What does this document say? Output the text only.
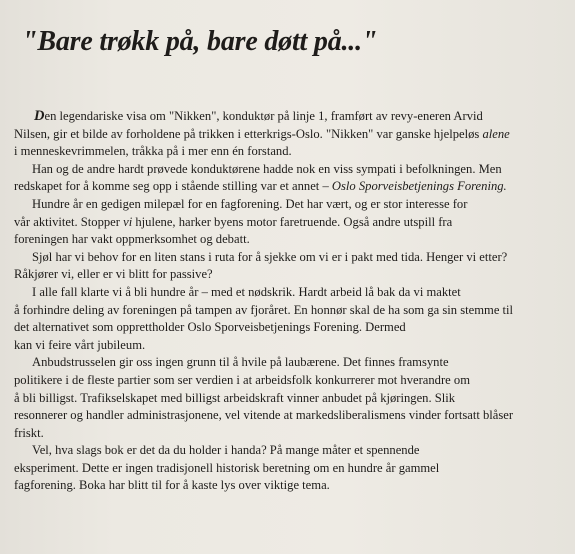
"Bare trøkk på, bare døtt på..."

Den legendariske visa om "Nikken", konduktør på linje 1, framført av revy-eneren Arvid
Nilsen, gir et bilde av forholdene på trikken i etterkrigs-Oslo. "Nikken" var ganske hjelpeløs alene
i menneskevrimmelen, tråkka på i mer enn én forstand.

Han og de andre hardt prøvede konduktørene hadde nok en viss sympati i befolkningen. Men
redskapet for å komme seg opp i stående stilling var et annet – Oslo Sporveisbetjenings Forening.

Hundre år en gedigen milepæl for en fagforening. Det har vært, og er stor interesse for
vår aktivitet. Stopper vi hjulene, harker byens motor faretruende. Også andre utspill fra
foreningen har vakt oppmerksomhet og debatt.

Sjøl har vi behov for en liten stans i ruta for å sjekke om vi er i pakt med tida. Henger vi etter?
Råkjører vi, eller er vi blitt for passive?

I alle fall klarte vi å bli hundre år – med et nødskrik. Hardt arbeid lå bak da vi maktet
å forhindre deling av foreningen på tampen av fjoråret. En honnør skal de ha som ga sin stemme til
det alternativet som opprettholder Oslo Sporveisbetjenings Forening. Dermed
kan vi feire vårt jubileum.

Anbudstrusselen gir oss ingen grunn til å hvile på laubærene. Det finnes framsynte
politikere i de fleste partier som ser verdien i at arbeidsfolk konkurrerer mot hverandre om
å bli billigst. Trafikselskapet med billigst arbeidskraft vinner anbudet på kjøringen. Slik
resonnerer og handler administrasjonene, vel vitende at markedsliberalismens vinder fortsatt blåser
friskt.

Vel, hva slags bok er det da du holder i handa? På mange måter et spennende
eksperiment. Dette er ingen tradisjonell historisk beretning om en hundre år gammel
fagforening. Boka har blitt til for å kaste lys over viktige tema.
